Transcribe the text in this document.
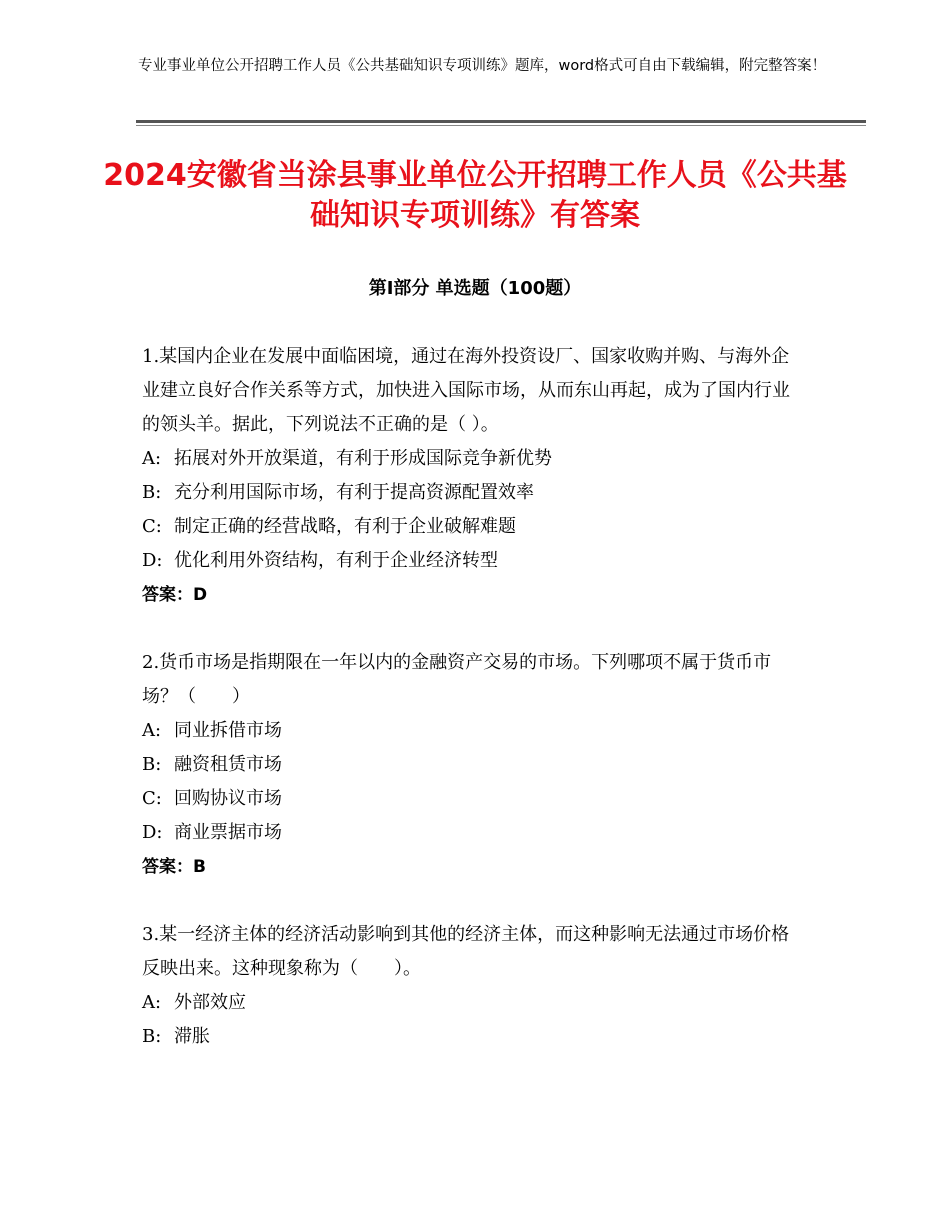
专业事业单位公开招聘工作人员《公共基础知识专项训练》题库，word格式可自由下载编辑，附完整答案！
2024安徽省当涂县事业单位公开招聘工作人员《公共基础知识专项训练》有答案
第Ⅰ部分 单选题（100题）

1.某国内企业在发展中面临困境，通过在海外投资设厂、国家收购并购、与海外企业建立良好合作关系等方式，加快进入国际市场，从而东山再起，成为了国内行业的领头羊。据此，下列说法不正确的是（ ）。

A: 拓展对外开放渠道，有利于形成国际竞争新优势

B: 充分利用国际市场，有利于提高资源配置效率

C: 制定正确的经营战略，有利于企业破解难题

D: 优化利用外资结构，有利于企业经济转型

答案：D

2.货币市场是指期限在一年以内的金融资产交易的市场。下列哪项不属于货币市场？（　　）

A: 同业拆借市场

B: 融资租赁市场

C: 回购协议市场

D: 商业票据市场

答案：B

3.某一经济主体的经济活动影响到其他的经济主体，而这种影响无法通过市场价格反映出来。这种现象称为（　　）。

A: 外部效应

B: 滞胀
